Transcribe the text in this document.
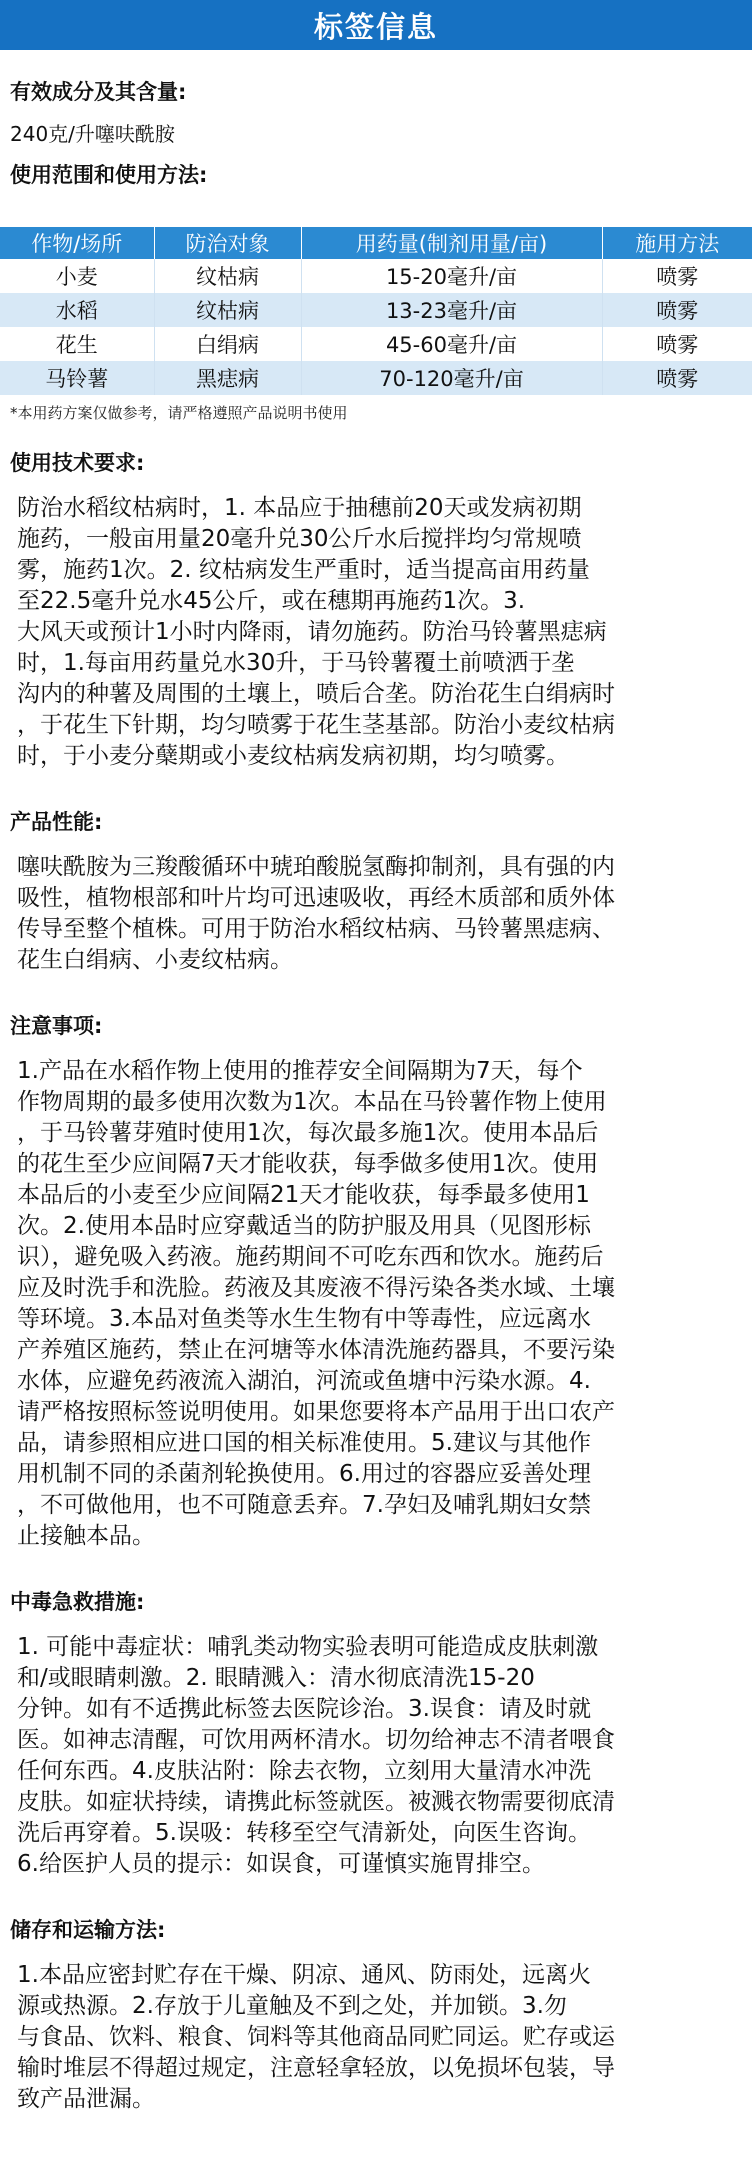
标签信息
有效成分及其含量:
240克/升噻呋酰胺
使用范围和使用方法:
作物/场所	防治对象	用药量(制剂用量/亩)	施用方法
小麦	纹枯病	15-20毫升/亩	喷雾
水稻	纹枯病	13-23毫升/亩	喷雾
花生	白绢病	45-60毫升/亩	喷雾
马铃薯	黑痣病	70-120毫升/亩	喷雾
*本用药方案仅做参考，请严格遵照产品说明书使用
使用技术要求:
防治水稻纹枯病时，1. 本品应于抽穗前20天或发病初期
施药，一般亩用量20毫升兑30公斤水后搅拌均匀常规喷
雾，施药1次。2. 纹枯病发生严重时，适当提高亩用药量
至22.5毫升兑水45公斤，或在穗期再施药1次。3.
大风天或预计1小时内降雨，请勿施药。防治马铃薯黑痣病
时，1.每亩用药量兑水30升，于马铃薯覆土前喷洒于垄
沟内的种薯及周围的土壤上，喷后合垄。防治花生白绢病时
，于花生下针期，均匀喷雾于花生茎基部。防治小麦纹枯病
时，于小麦分蘖期或小麦纹枯病发病初期，均匀喷雾。
产品性能:
噻呋酰胺为三羧酸循环中琥珀酸脱氢酶抑制剂，具有强的内
吸性，植物根部和叶片均可迅速吸收，再经木质部和质外体
传导至整个植株。可用于防治水稻纹枯病、马铃薯黑痣病、
花生白绢病、小麦纹枯病。
注意事项:
1.产品在水稻作物上使用的推荐安全间隔期为7天，每个
作物周期的最多使用次数为1次。本品在马铃薯作物上使用
，于马铃薯芽殖时使用1次，每次最多施1次。使用本品后
的花生至少应间隔7天才能收获，每季做多使用1次。使用
本品后的小麦至少应间隔21天才能收获，每季最多使用1
次。2.使用本品时应穿戴适当的防护服及用具（见图形标
识），避免吸入药液。施药期间不可吃东西和饮水。施药后
应及时洗手和洗脸。药液及其废液不得污染各类水域、土壤
等环境。3.本品对鱼类等水生生物有中等毒性，应远离水
产养殖区施药，禁止在河塘等水体清洗施药器具，不要污染
水体，应避免药液流入湖泊，河流或鱼塘中污染水源。4.
请严格按照标签说明使用。如果您要将本产品用于出口农产
品，请参照相应进口国的相关标准使用。5.建议与其他作
用机制不同的杀菌剂轮换使用。6.用过的容器应妥善处理
，不可做他用，也不可随意丢弃。7.孕妇及哺乳期妇女禁
止接触本品。
中毒急救措施:
1. 可能中毒症状：哺乳类动物实验表明可能造成皮肤刺激
和/或眼睛刺激。2. 眼睛溅入：清水彻底清洗15-20
分钟。如有不适携此标签去医院诊治。3.误食：请及时就
医。如神志清醒，可饮用两杯清水。切勿给神志不清者喂食
任何东西。4.皮肤沾附：除去衣物，立刻用大量清水冲洗
皮肤。如症状持续，请携此标签就医。被溅衣物需要彻底清
洗后再穿着。5.误吸：转移至空气清新处，向医生咨询。
6.给医护人员的提示：如误食，可谨慎实施胃排空。
储存和运输方法:
1.本品应密封贮存在干燥、阴凉、通风、防雨处，远离火
源或热源。2.存放于儿童触及不到之处，并加锁。3.勿
与食品、饮料、粮食、饲料等其他商品同贮同运。贮存或运
输时堆层不得超过规定，注意轻拿轻放，以免损坏包装，导
致产品泄漏。
